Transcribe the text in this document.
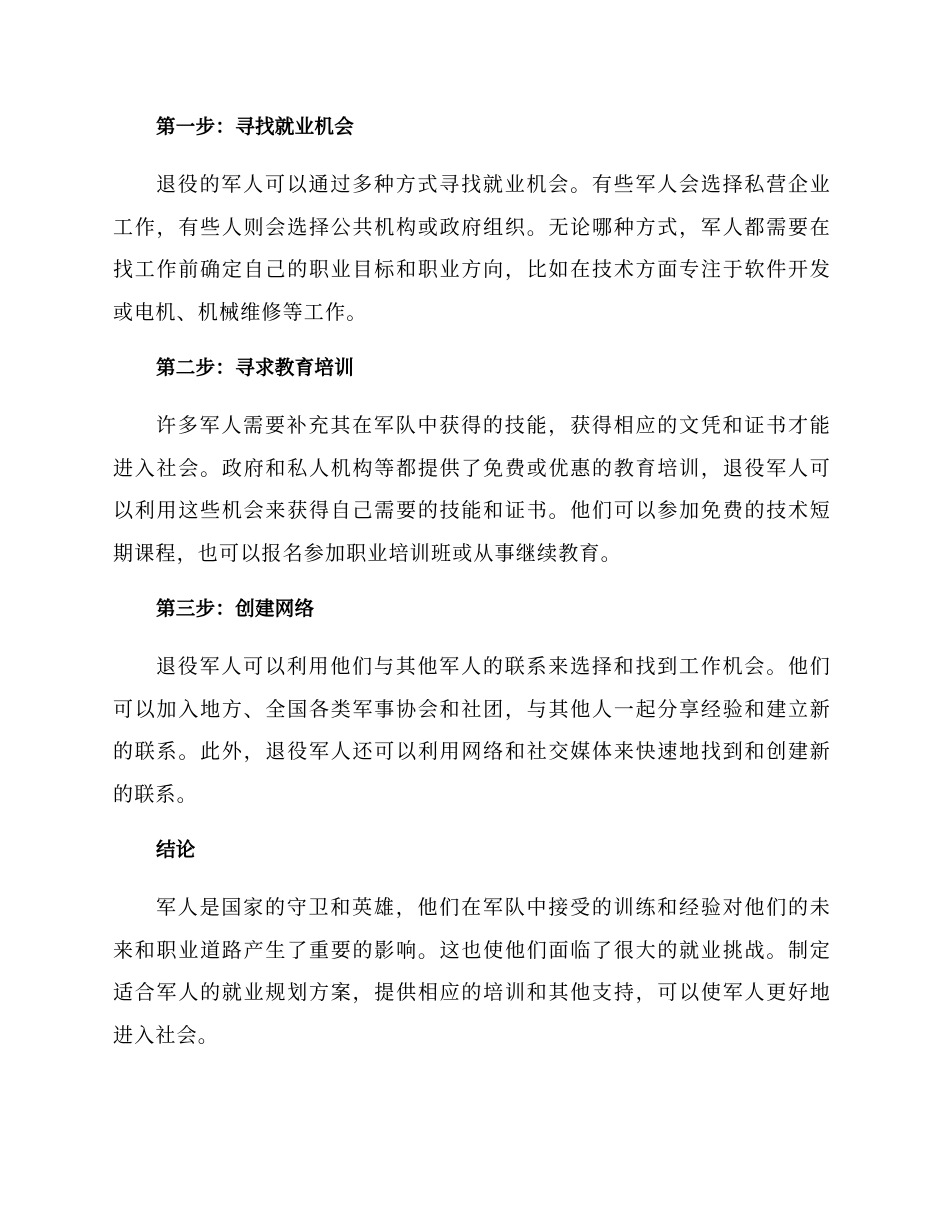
第一步：寻找就业机会

退役的军人可以通过多种方式寻找就业机会。有些军人会选择私营企业工作，有些人则会选择公共机构或政府组织。无论哪种方式，军人都需要在找工作前确定自己的职业目标和职业方向，比如在技术方面专注于软件开发或电机、机械维修等工作。

第二步：寻求教育培训

许多军人需要补充其在军队中获得的技能，获得相应的文凭和证书才能进入社会。政府和私人机构等都提供了免费或优惠的教育培训，退役军人可以利用这些机会来获得自己需要的技能和证书。他们可以参加免费的技术短期课程，也可以报名参加职业培训班或从事继续教育。

第三步：创建网络

退役军人可以利用他们与其他军人的联系来选择和找到工作机会。他们可以加入地方、全国各类军事协会和社团，与其他人一起分享经验和建立新的联系。此外，退役军人还可以利用网络和社交媒体来快速地找到和创建新的联系。

结论

军人是国家的守卫和英雄，他们在军队中接受的训练和经验对他们的未来和职业道路产生了重要的影响。这也使他们面临了很大的就业挑战。制定适合军人的就业规划方案，提供相应的培训和其他支持，可以使军人更好地进入社会。
